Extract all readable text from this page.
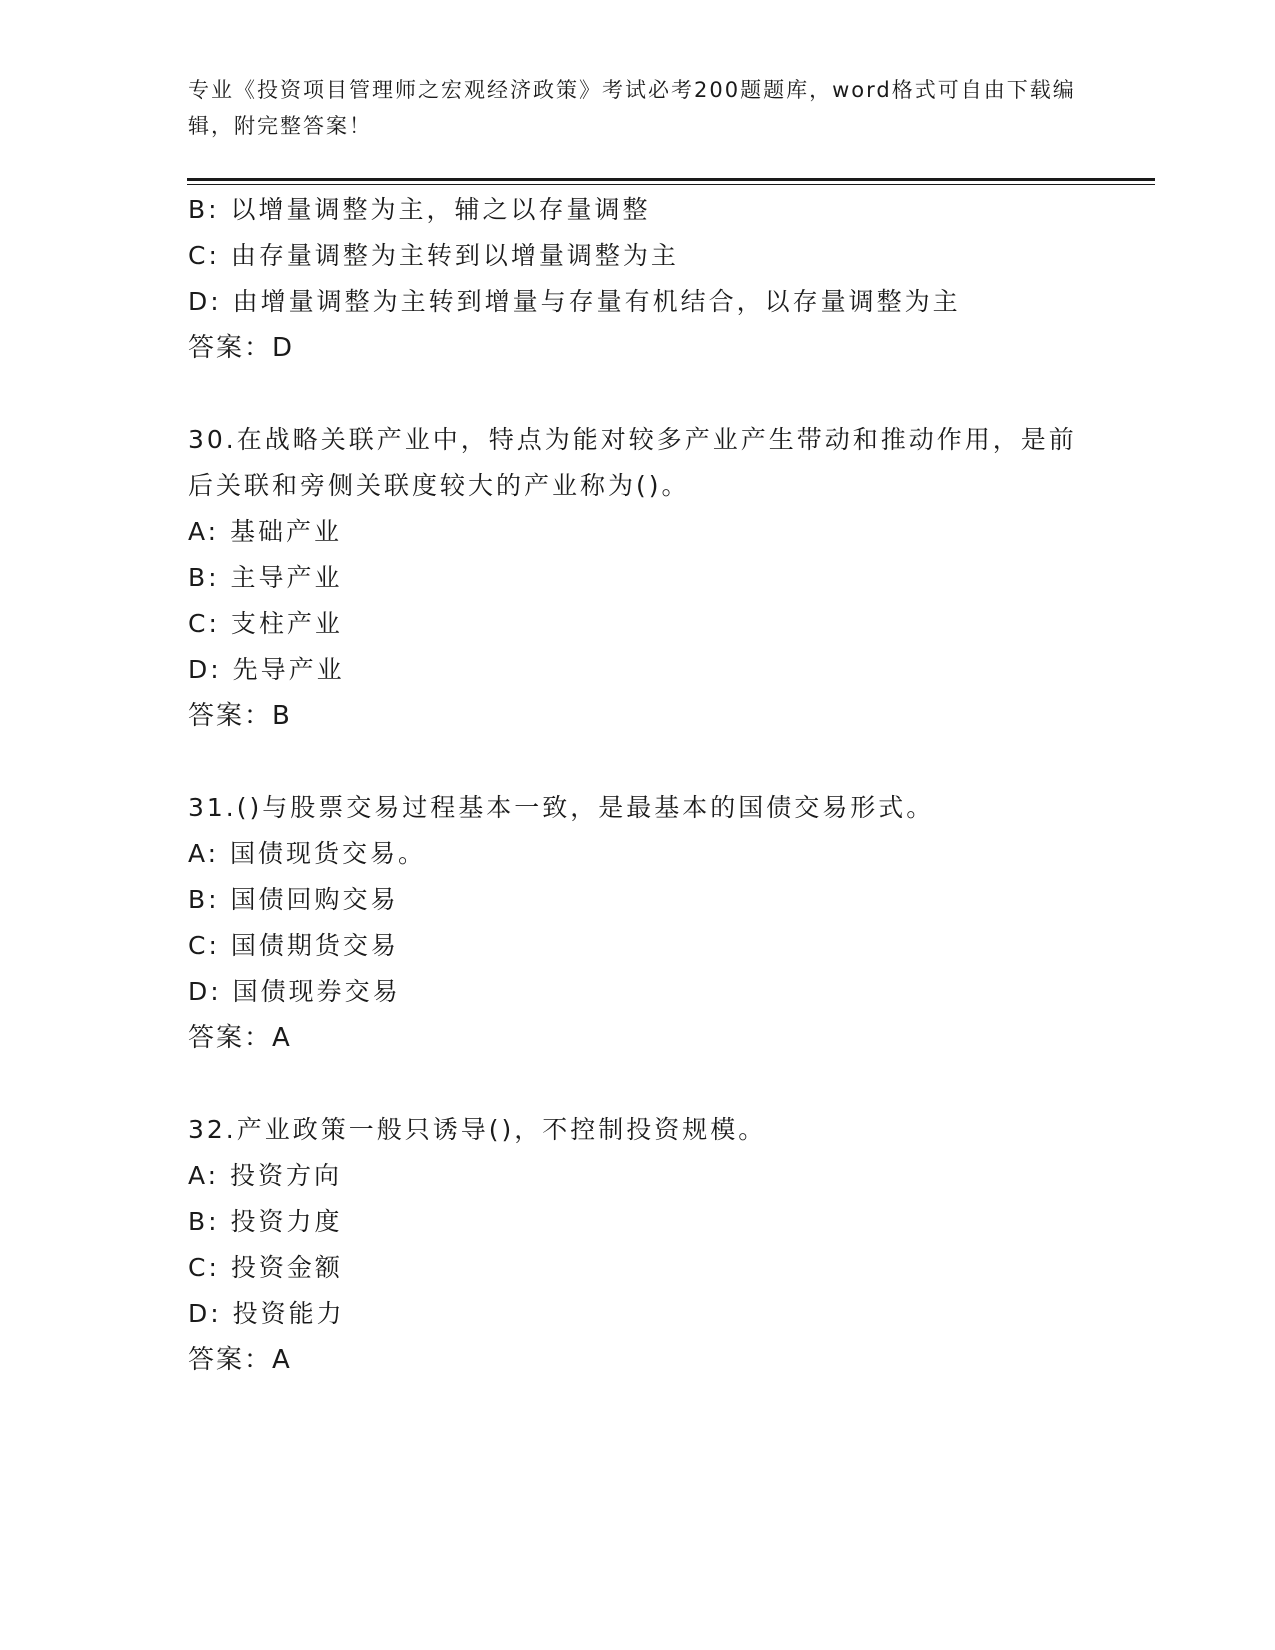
专业《投资项目管理师之宏观经济政策》考试必考200题题库，word格式可自由下载编辑，附完整答案！
B: 以增量调整为主，辅之以存量调整
C: 由存量调整为主转到以增量调整为主
D: 由增量调整为主转到增量与存量有机结合，以存量调整为主
答案：D
30.在战略关联产业中，特点为能对较多产业产生带动和推动作用，是前后关联和旁侧关联度较大的产业称为()。
A: 基础产业
B: 主导产业
C: 支柱产业
D: 先导产业
答案：B
31.()与股票交易过程基本一致，是最基本的国债交易形式。
A: 国债现货交易。
B: 国债回购交易
C: 国债期货交易
D: 国债现券交易
答案：A
32.产业政策一般只诱导()，不控制投资规模。
A: 投资方向
B: 投资力度
C: 投资金额
D: 投资能力
答案：A
